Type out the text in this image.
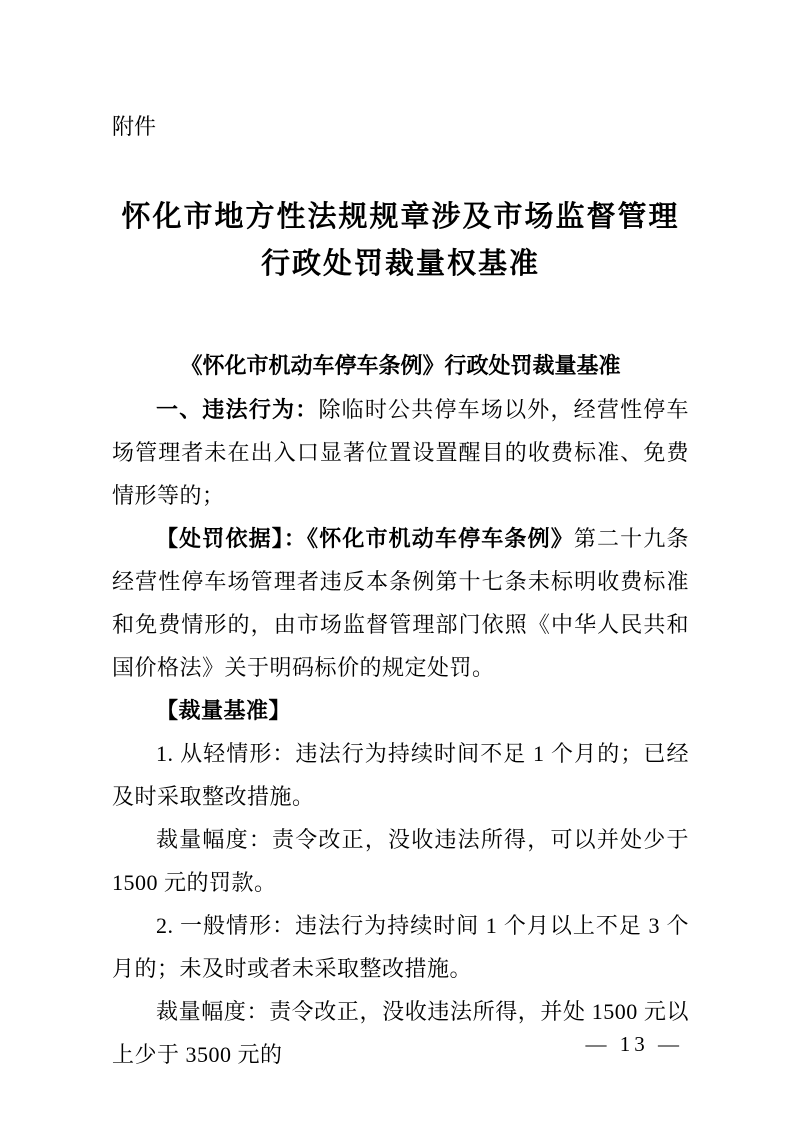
附件
怀化市地方性法规规章涉及市场监督管理
行政处罚裁量权基准
《怀化市机动车停车条例》行政处罚裁量基准

一、违法行为：除临时公共停车场以外，经营性停车场管理者未在出入口显著位置设置醒目的收费标准、免费情形等的；

【处罚依据】：《怀化市机动车停车条例》第二十九条 经营性停车场管理者违反本条例第十七条未标明收费标准和免费情形的，由市场监督管理部门依照《中华人民共和国价格法》关于明码标价的规定处罚。

【裁量基准】

1. 从轻情形：违法行为持续时间不足 1 个月的；已经及时采取整改措施。

裁量幅度：责令改正，没收违法所得，可以并处少于 1500 元的罚款。

2. 一般情形：违法行为持续时间 1 个月以上不足 3 个月的；未及时或者未采取整改措施。

裁量幅度：责令改正，没收违法所得，并处 1500 元以上少于 3500 元的	— 13 —
